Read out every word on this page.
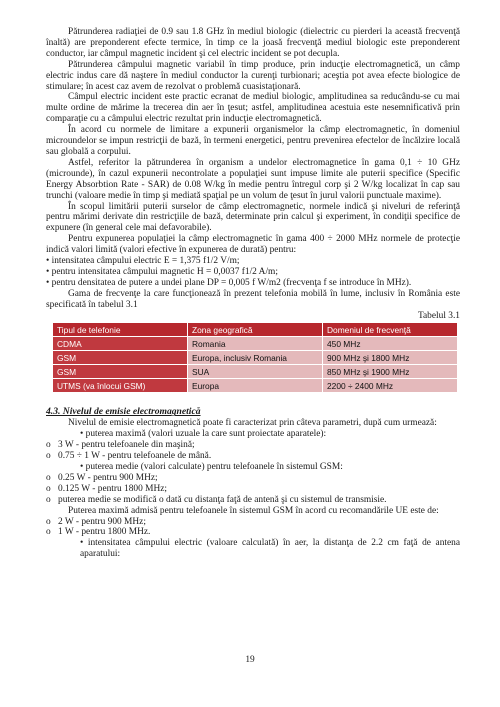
Pătrunderea radiaţiei de 0.9 sau 1.8 GHz în mediul biologic (dielectric cu pierderi la această frecvenţă înaltă) are preponderent efecte termice, în timp ce la joasă frecvenţă mediul biologic este preponderent conductor, iar câmpul magnetic incident şi cel electric incident se pot decupla.

Pătrunderea câmpului magnetic variabil în timp produce, prin inducţie electromagnetică, un câmp electric indus care dă naştere în mediul conductor la curenţi turbionari; aceştia pot avea efecte biologice de stimulare; în acest caz avem de rezolvat o problemă cuasistaţionară.

Câmpul electric incident este practic ecranat de mediul biologic, amplitudinea sa reducându-se cu mai multe ordine de mărime la trecerea din aer în ţesut; astfel, amplitudinea acestuia este nesemnificativă prin comparaţie cu a câmpului electric rezultat prin inducţie electromagnetică.

În acord cu normele de limitare a expunerii organismelor la câmp electromagnetic, în domeniul microundelor se impun restricţii de bază, în termeni energetici, pentru prevenirea efectelor de încălzire locală sau globală a corpului.

Astfel, referitor la pătrunderea în organism a undelor electromagnetice în gama 0,1 ÷ 10 GHz (microunde), în cazul expunerii necontrolate a populaţiei sunt impuse limite ale puterii specifice (Specific Energy Absorbtion Rate - SAR) de 0.08 W/kg în medie pentru întregul corp şi 2 W/kg localizat în cap sau trunchi (valoare medie în timp şi mediată spaţial pe un volum de ţesut în jurul valorii punctuale maxime).

În scopul limitării puterii surselor de câmp electromagnetic, normele indică şi niveluri de referinţă pentru mărimi derivate din restricţiile de bază, determinate prin calcul şi experiment, în condiţii specifice de expunere (în general cele mai defavorabile).

Pentru expunerea populaţiei la câmp electromagnetic în gama 400 ÷ 2000 MHz normele de protecţie indică valori limită (valori efective în expunerea de durată) pentru:

• intensitatea câmpului electric E = 1,375 f1/2 V/m;

• pentru intensitatea câmpului magnetic H = 0,0037 f1/2 A/m;

• pentru densitatea de putere a undei plane DP = 0,005 f W/m2 (frecvenţa f se introduce în MHz).

Gama de frecvenţe la care funcţionează în prezent telefonia mobilă în lume, inclusiv în România este specificată în tabelul 3.1

Tabelul 3.1

Tipul de telefonie	Zona geografică	Domeniul de frecvenţă
CDMA	Romania	450 MHz
GSM	Europa, inclusiv Romania	900 MHz şi 1800 MHz
GSM	SUA	850 MHz şi 1900 MHz
UTMS (va înlocui GSM)	Europa	2200 ÷ 2400 MHz
4.3. Nivelul de emisie electromagnetică

Nivelul de emisie electromagnetică poate fi caracterizat prin câteva parametri, după cum urmează:

• puterea maximă (valori uzuale la care sunt proiectate aparatele):

o 3 W - pentru telefoanele din maşină;

o 0.75 ÷ 1 W - pentru telefoanele de mână.

• puterea medie (valori calculate) pentru telefoanele în sistemul GSM:

o 0.25 W - pentru 900 MHz;

o 0.125 W - pentru 1800 MHz;

o puterea medie se modifică o dată cu distanţa faţă de antenă şi cu sistemul de transmisie.

Puterea maximă admisă pentru telefoanele în sistemul GSM în acord cu recomandările UE este de:

o 2 W - pentru 900 MHz;

o 1 W - pentru 1800 MHz.

• intensitatea câmpului electric (valoare calculată) în aer, la distanţa de 2.2 cm faţă de antena aparatului:

19
